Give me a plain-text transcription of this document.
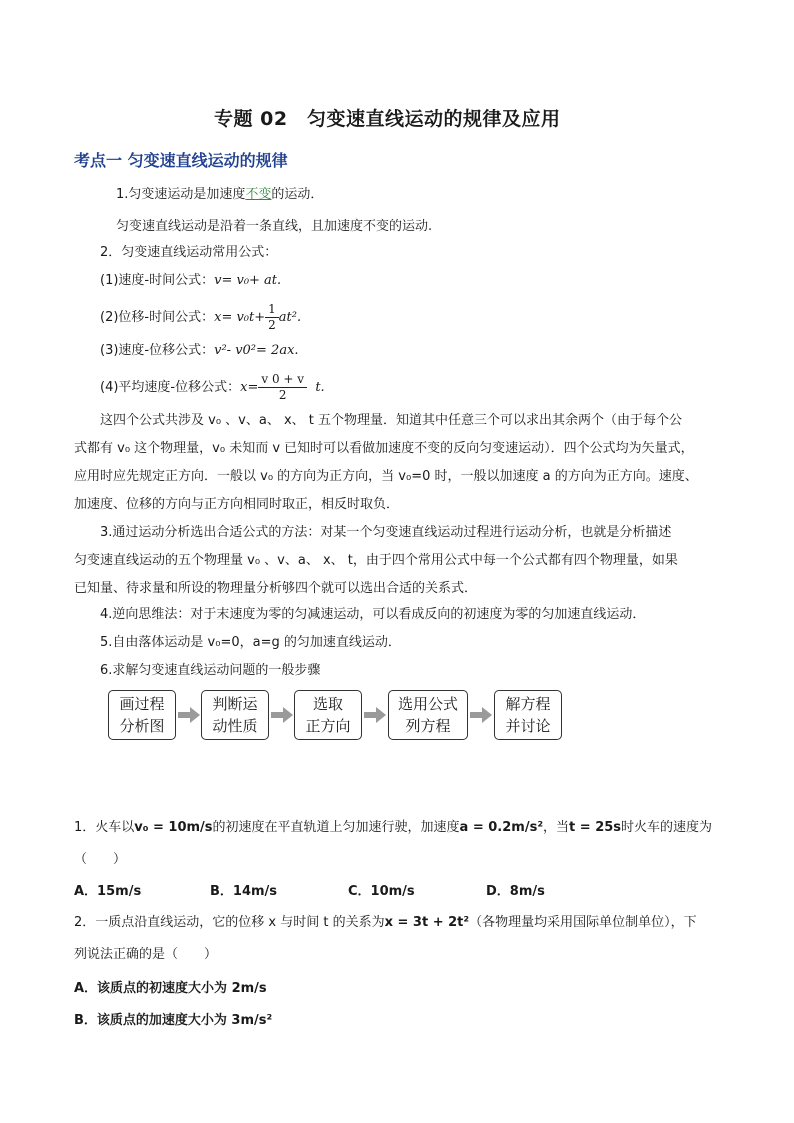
专题 02　匀变速直线运动的规律及应用
考点一 匀变速直线运动的规律
1.匀变速运动是加速度不变的运动．
匀变速直线运动是沿着一条直线，且加速度不变的运动.
2．匀变速直线运动常用公式：
(1)速度-时间公式：v= v₀+ at.
(2)位移-时间公式：$x= v_0t+ \frac{1}{2} at^2$.
(3)速度-位移公式：v²- v0²= 2ax.
(4)平均速度-位移公式：$x= \frac{v 0 + v}{2} t$.
这四个公式共涉及 v₀ 、v、a、 x、 t 五个物理量．知道其中任意三个可以求出其余两个（由于每个公
式都有 v₀ 这个物理量，v₀ 未知而 v 已知时可以看做加速度不变的反向匀变速运动）．四个公式均为矢量式，
应用时应先规定正方向．一般以 v₀ 的方向为正方向，当 v₀=0 时，一般以加速度 a 的方向为正方向。速度、
加速度、位移的方向与正方向相同时取正，相反时取负．
3.通过运动分析选出合适公式的方法：对某一个匀变速直线运动过程进行运动分析，也就是分析描述
匀变速直线运动的五个物理量 v₀ 、v、a、 x、 t，由于四个常用公式中每一个公式都有四个物理量，如果
已知量、待求量和所设的物理量分析够四个就可以选出合适的关系式．
4.逆向思维法：对于末速度为零的匀减速运动，可以看成反向的初速度为零的匀加速直线运动．
5.自由落体运动是 v₀=0，a=g 的匀加速直线运动．
6.求解匀变速直线运动问题的一般步骤
画过程
分析图
判断运
动性质
选取
正方向
选用公式
列方程
解方程
并讨论
1．火车以v₀ = 10m/s的初速度在平直轨道上匀加速行驶，加速度a = 0.2m/s²，当t = 25s时火车的速度为
（　　）
A．15m/s	B．14m/s	C．10m/s	D．8m/s
2．一质点沿直线运动，它的位移 x 与时间 t 的关系为x = 3t + 2t²（各物理量均采用国际单位制单位），下
列说法正确的是（　　）
A．该质点的初速度大小为 2m/s
B．该质点的加速度大小为 3m/s²
